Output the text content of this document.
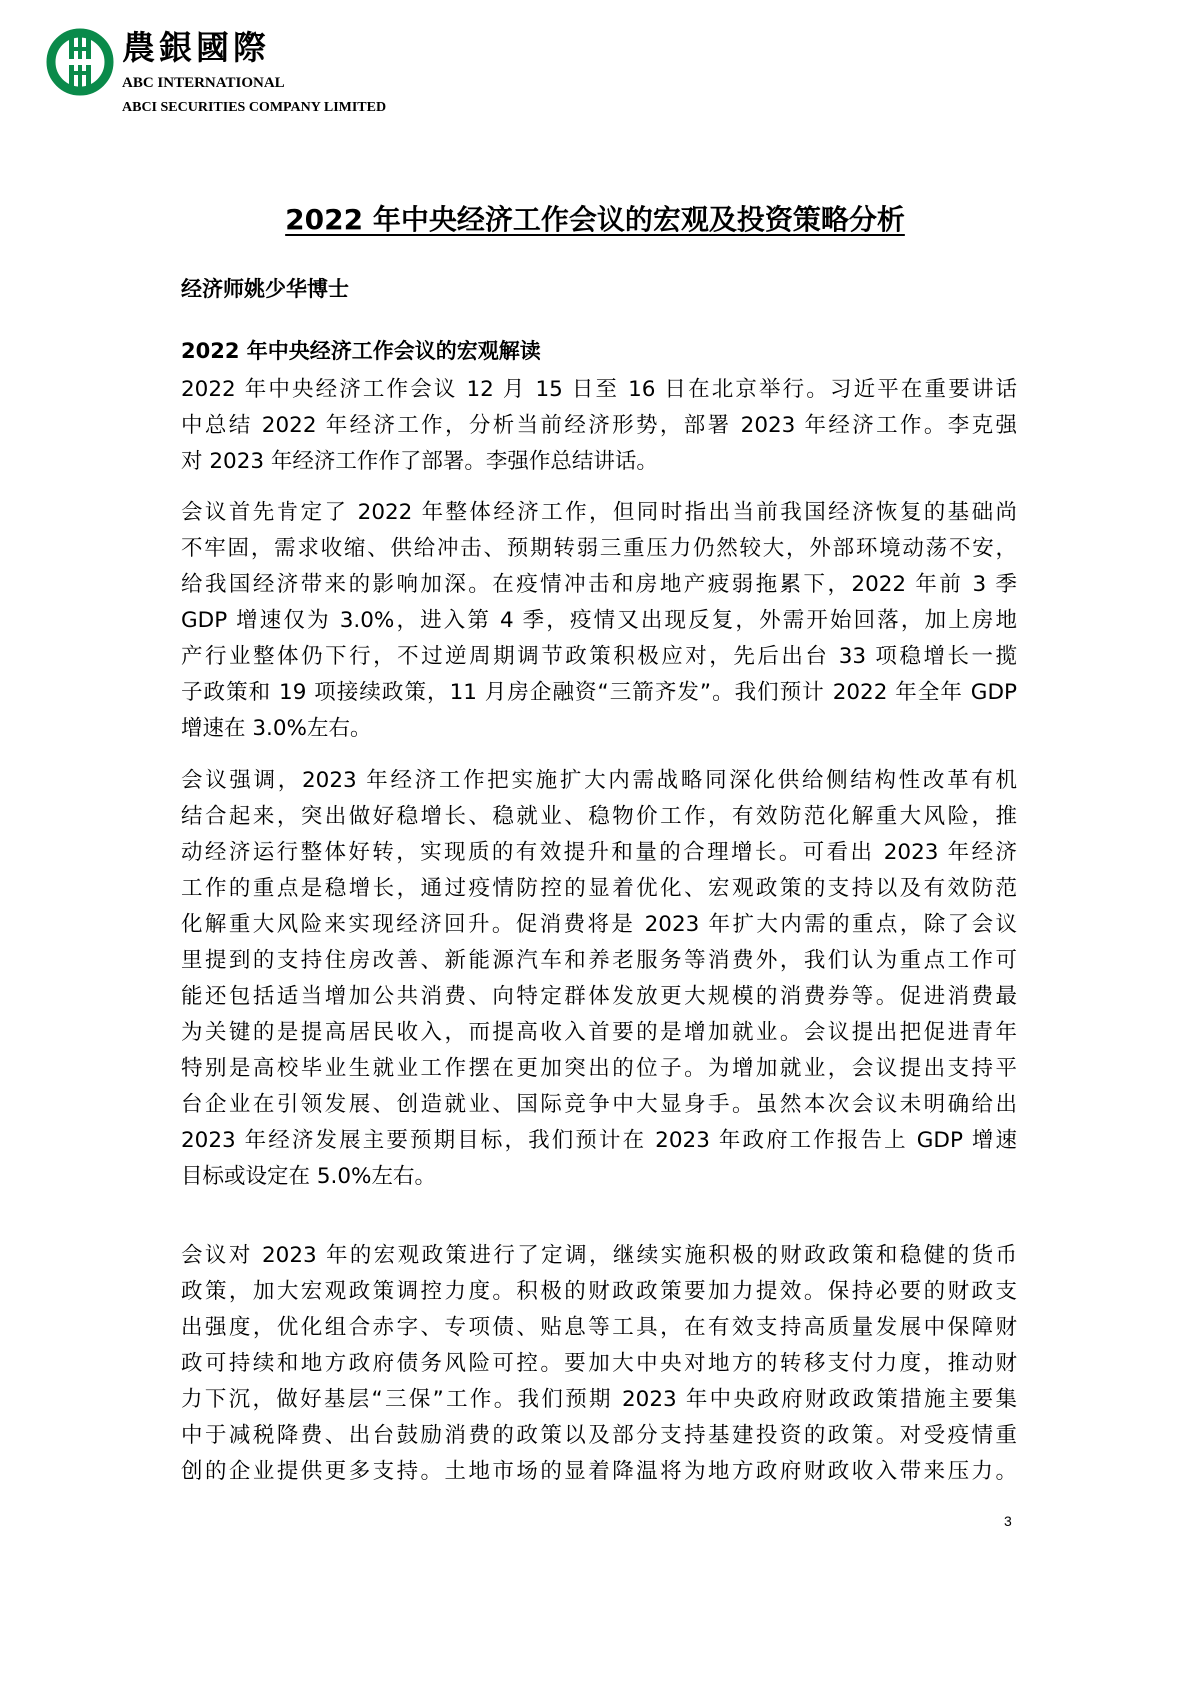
農銀國際
ABC INTERNATIONAL
ABCI SECURITIES COMPANY LIMITED
2022 年中央经济工作会议的宏观及投资策略分析
经济师姚少华博士
2022 年中央经济工作会议的宏观解读
2022 年中央经济工作会议 12 月 15 日至 16 日在北京举行。习近平在重要讲话
中总结 2022 年经济工作，分析当前经济形势，部署 2023 年经济工作。李克强
对 2023 年经济工作作了部署。李强作总结讲话。
会议首先肯定了 2022 年整体经济工作，但同时指出当前我国经济恢复的基础尚
不牢固，需求收缩、供给冲击、预期转弱三重压力仍然较大，外部环境动荡不安，
给我国经济带来的影响加深。在疫情冲击和房地产疲弱拖累下，2022 年前 3 季
GDP 增速仅为 3.0%，进入第 4 季，疫情又出现反复，外需开始回落，加上房地
产行业整体仍下行，不过逆周期调节政策积极应对，先后出台 33 项稳增长一揽
子政策和 19 项接续政策，11 月房企融资“三箭齐发”。我们预计 2022 年全年 GDP
增速在 3.0%左右。
会议强调，2023 年经济工作把实施扩大内需战略同深化供给侧结构性改革有机
结合起来，突出做好稳增长、稳就业、稳物价工作，有效防范化解重大风险，推
动经济运行整体好转，实现质的有效提升和量的合理增长。可看出 2023 年经济
工作的重点是稳增长，通过疫情防控的显着优化、宏观政策的支持以及有效防范
化解重大风险来实现经济回升。促消费将是 2023 年扩大内需的重点，除了会议
里提到的支持住房改善、新能源汽车和养老服务等消费外，我们认为重点工作可
能还包括适当增加公共消费、向特定群体发放更大规模的消费券等。促进消费最
为关键的是提高居民收入，而提高收入首要的是增加就业。会议提出把促进青年
特别是高校毕业生就业工作摆在更加突出的位子。为增加就业，会议提出支持平
台企业在引领发展、创造就业、国际竞争中大显身手。虽然本次会议未明确给出
2023 年经济发展主要预期目标，我们预计在 2023 年政府工作报告上 GDP 增速
目标或设定在 5.0%左右。
会议对 2023 年的宏观政策进行了定调，继续实施积极的财政政策和稳健的货币
政策，加大宏观政策调控力度。积极的财政政策要加力提效。保持必要的财政支
出强度，优化组合赤字、专项债、贴息等工具，在有效支持高质量发展中保障财
政可持续和地方政府债务风险可控。要加大中央对地方的转移支付力度，推动财
力下沉，做好基层“三保”工作。我们预期 2023 年中央政府财政政策措施主要集
中于减税降费、出台鼓励消费的政策以及部分支持基建投资的政策。对受疫情重
创的企业提供更多支持。土地市场的显着降温将为地方政府财政收入带来压力。
3
